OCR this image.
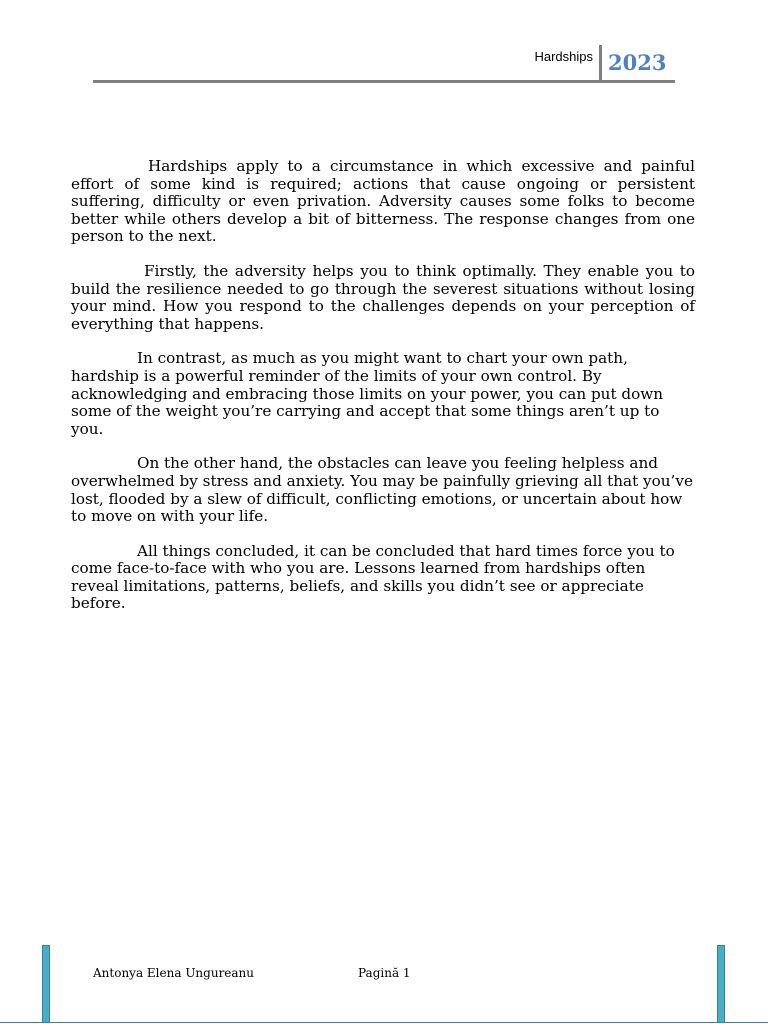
Hardships 2023

Hardships apply to a circumstance in which excessive and painful effort of some kind is required; actions that cause ongoing or persistent suffering, difficulty or even privation. Adversity causes some folks to become better while others develop a bit of bitterness. The response changes from one person to the next.

Firstly, the adversity helps you to think optimally. They enable you to build the resilience needed to go through the severest situations without losing your mind. How you respond to the challenges depends on your perception of everything that happens.

In contrast, as much as you might want to chart your own path, hardship is a powerful reminder of the limits of your own control. By acknowledging and embracing those limits on your power, you can put down some of the weight you’re carrying and accept that some things aren’t up to you.

On the other hand, the obstacles can leave you feeling helpless and overwhelmed by stress and anxiety. You may be painfully grieving all that you’ve lost, flooded by a slew of difficult, conflicting emotions, or uncertain about how to move on with your life.

All things concluded, it can be concluded that hard times force you to come face-to-face with who you are. Lessons learned from hardships often reveal limitations, patterns, beliefs, and skills you didn’t see or appreciate before.

Antonya Elena Ungureanu	Pagină 1
